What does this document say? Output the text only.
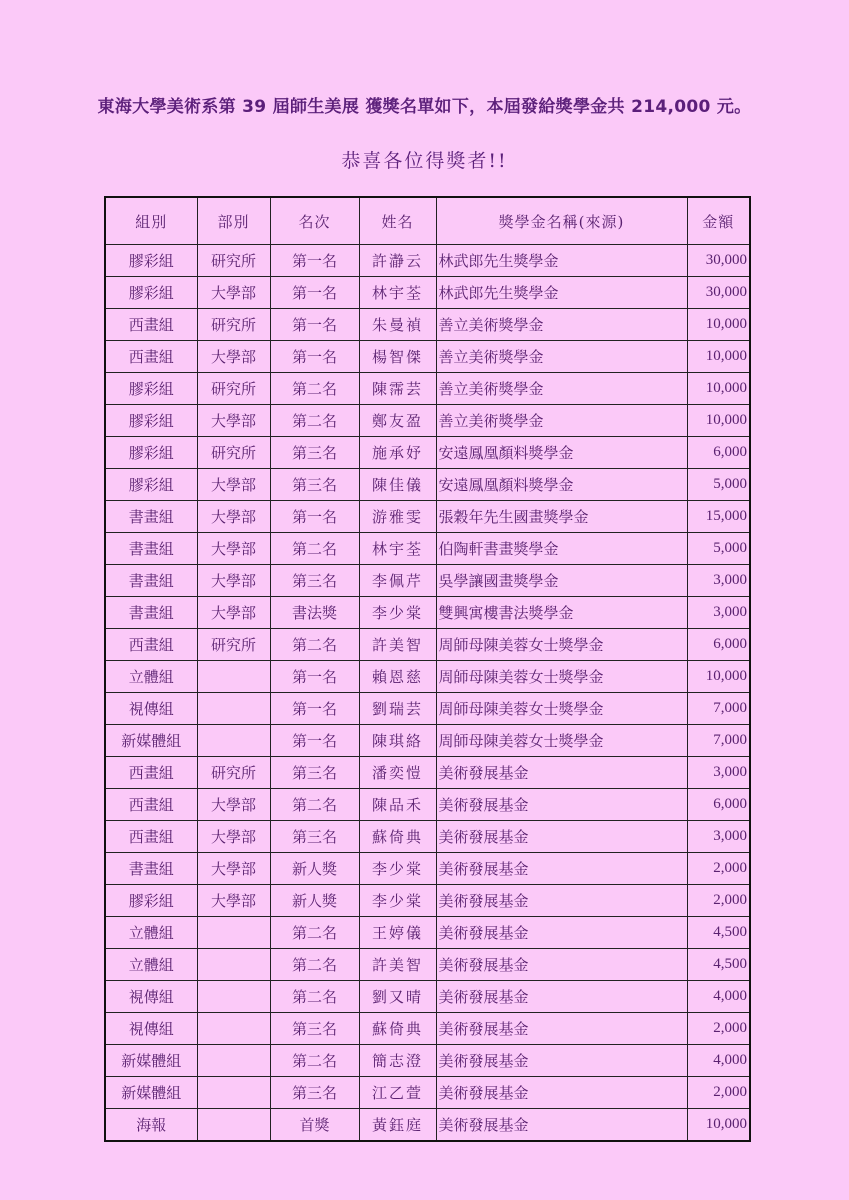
東海大學美術系第 39 屆師生美展 獲獎名單如下，本屆發給獎學金共 214,000 元。
恭喜各位得獎者!!
組別	部別	名次	姓名	獎學金名稱(來源)	金額
膠彩組	研究所	第一名	許瀞云	林武郎先生獎學金	30,000
膠彩組	大學部	第一名	林宇荃	林武郎先生獎學金	30,000
西畫組	研究所	第一名	朱曼禎	善立美術獎學金	10,000
西畫組	大學部	第一名	楊智傑	善立美術獎學金	10,000
膠彩組	研究所	第二名	陳霈芸	善立美術獎學金	10,000
膠彩組	大學部	第二名	鄭友盈	善立美術獎學金	10,000
膠彩組	研究所	第三名	施承妤	安遠鳳凰顏料獎學金	6,000
膠彩組	大學部	第三名	陳佳儀	安遠鳳凰顏料獎學金	5,000
書畫組	大學部	第一名	游雅雯	張穀年先生國畫獎學金	15,000
書畫組	大學部	第二名	林宇荃	伯陶軒書畫獎學金	5,000
書畫組	大學部	第三名	李佩芹	吳學讓國畫獎學金	3,000
書畫組	大學部	書法獎	李少棠	雙興寓樓書法獎學金	3,000
西畫組	研究所	第二名	許美智	周師母陳美蓉女士獎學金	6,000
立體組		第一名	賴恩慈	周師母陳美蓉女士獎學金	10,000
視傳組		第一名	劉瑞芸	周師母陳美蓉女士獎學金	7,000
新媒體組		第一名	陳琪絡	周師母陳美蓉女士獎學金	7,000
西畫組	研究所	第三名	潘奕愷	美術發展基金	3,000
西畫組	大學部	第二名	陳品禾	美術發展基金	6,000
西畫組	大學部	第三名	蘇倚典	美術發展基金	3,000
書畫組	大學部	新人獎	李少棠	美術發展基金	2,000
膠彩組	大學部	新人獎	李少棠	美術發展基金	2,000
立體組		第二名	王婷儀	美術發展基金	4,500
立體組		第二名	許美智	美術發展基金	4,500
視傳組		第二名	劉又晴	美術發展基金	4,000
視傳組		第三名	蘇倚典	美術發展基金	2,000
新媒體組		第二名	簡志澄	美術發展基金	4,000
新媒體組		第三名	江乙萱	美術發展基金	2,000
海報		首獎	黃鈺庭	美術發展基金	10,000
